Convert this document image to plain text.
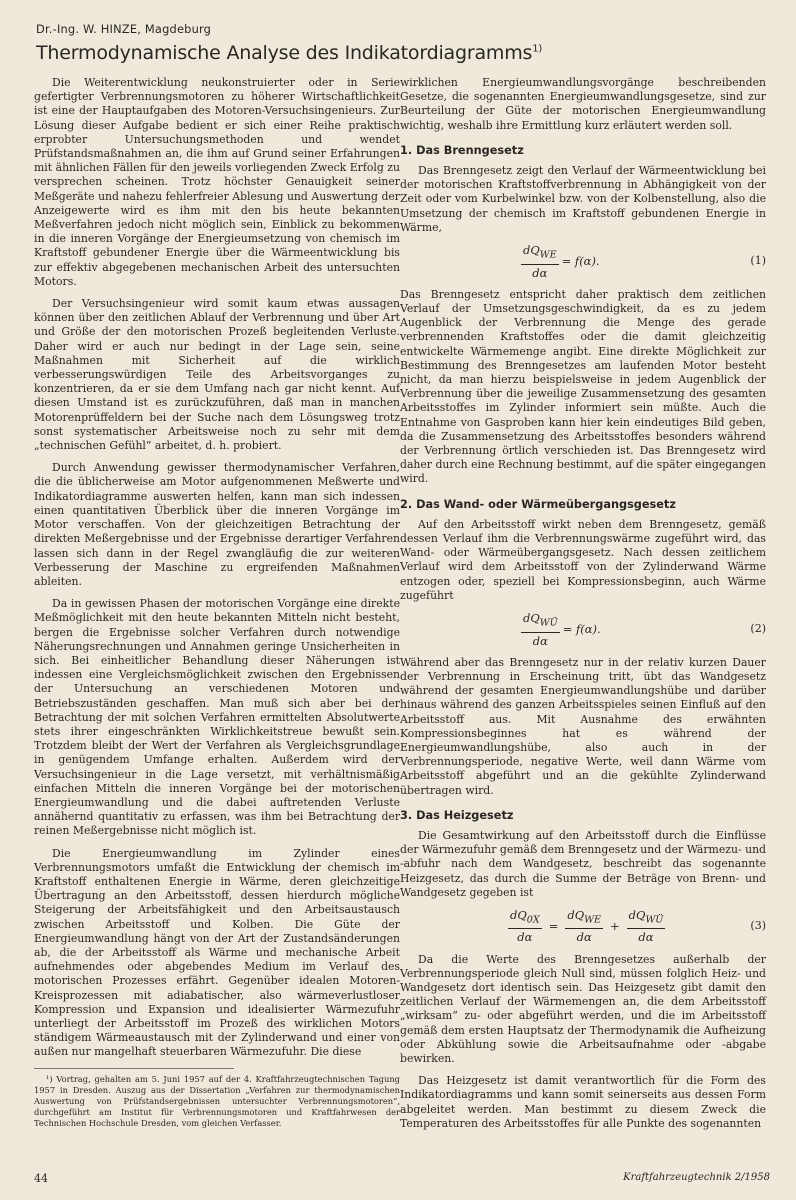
Dr.-Ing. W. HINZE, Magdeburg
Thermodynamische Analyse des Indikatordiagramms$^{1)}$

Die Weiterentwicklung neukonstruierter oder in Serie gefertigter Verbrennungsmotoren zu höherer Wirtschaftlichkeit ist eine der Hauptaufgaben des Motoren-Versuchsingenieurs. Zur Lösung dieser Aufgabe bedient er sich einer Reihe praktisch erprobter Untersuchungsmethoden und wendet Prüfstandsmaßnahmen an, die ihm auf Grund seiner Erfahrungen mit ähnlichen Fällen für den jeweils vorliegenden Zweck Erfolg zu versprechen scheinen. Trotz höchster Genauigkeit seiner Meßgeräte und nahezu fehlerfreier Ablesung und Auswertung der Anzeigewerte wird es ihm mit den bis heute bekannten Meßverfahren jedoch nicht möglich sein, Einblick zu bekommen in die inneren Vorgänge der Energieumsetzung von chemisch im Kraftstoff gebundener Energie über die Wärmeentwicklung bis zur effektiv abgegebenen mechanischen Arbeit des untersuchten Motors.

Der Versuchsingenieur wird somit kaum etwas aussagen können über den zeitlichen Ablauf der Verbrennung und über Art und Größe der den motorischen Prozeß begleitenden Verluste. Daher wird er auch nur bedingt in der Lage sein, seine Maßnahmen mit Sicherheit auf die wirklich verbesserungswürdigen Teile des Arbeitsvorganges zu konzentrieren, da er sie dem Umfang nach gar nicht kennt. Auf diesen Umstand ist es zurückzuführen, daß man in manchen Motorenprüffeldern bei der Suche nach dem Lösungsweg trotz sonst systematischer Arbeitsweise noch zu sehr mit dem „technischen Gefühl“ arbeitet, d. h. probiert.

Durch Anwendung gewisser thermodynamischer Verfahren, die die üblicherweise am Motor aufgenommenen Meßwerte und Indikatordiagramme auswerten helfen, kann man sich indessen einen quantitativen Überblick über die inneren Vorgänge im Motor verschaffen. Von der gleichzeitigen Betrachtung der direkten Meßergebnisse und der Ergebnisse derartiger Verfahren lassen sich dann in der Regel zwangläufig die zur weiteren Verbesserung der Maschine zu ergreifenden Maßnahmen ableiten.

Da in gewissen Phasen der motorischen Vorgänge eine direkte Meßmöglichkeit mit den heute bekannten Mitteln nicht besteht, bergen die Ergebnisse solcher Verfahren durch notwendige Näherungsrechnungen und Annahmen geringe Unsicherheiten in sich. Bei einheitlicher Behandlung dieser Näherungen ist indessen eine Vergleichsmöglichkeit zwischen den Ergebnissen der Untersuchung an verschiedenen Motoren und Betriebszuständen geschaffen. Man muß sich aber bei der Betrachtung der mit solchen Verfahren ermittelten Absolutwerte stets ihrer eingeschränkten Wirklichkeitstreue bewußt sein. Trotzdem bleibt der Wert der Verfahren als Vergleichsgrundlage in genügendem Umfange erhalten. Außerdem wird der Versuchsingenieur in die Lage versetzt, mit verhältnismäßig einfachen Mitteln die inneren Vorgänge bei der motorischen Energieumwandlung und die dabei auftretenden Verluste annähernd quantitativ zu erfassen, was ihm bei Betrachtung der reinen Meßergebnisse nicht möglich ist.

Die Energieumwandlung im Zylinder eines Verbrennungsmotors umfaßt die Entwicklung der chemisch im Kraftstoff enthaltenen Energie in Wärme, deren gleichzeitige Übertragung an den Arbeitsstoff, dessen hierdurch mögliche Steigerung der Arbeitsfähigkeit und den Arbeitsaustausch zwischen Arbeitsstoff und Kolben. Die Güte der Energieumwandlung hängt von der Art der Zustandsänderungen ab, die der Arbeitsstoff als Wärme und mechanische Arbeit aufnehmendes oder abgebendes Medium im Verlauf des motorischen Prozesses erfährt. Gegenüber idealen Motoren-Kreisprozessen mit adiabatischer, also wärmeverlustloser Kompression und Expansion und idealisierter Wärmezufuhr unterliegt der Arbeitsstoff im Prozeß des wirklichen Motors ständigem Wärmeaustausch mit der Zylinderwand und einer von außen nur mangelhaft steuerbaren Wärmezufuhr. Die diese

¹) Vortrag, gehalten am 5. Juni 1957 auf der 4. Kraftfahrzeugtechnischen Tagung 1957 in Dresden. Auszug aus der Dissertation „Verfahren zur thermodynamischen Auswertung von Prüfstandsergebnissen untersuchter Verbrennungsmotoren“, durchgeführt am Institut für Verbrennungsmotoren und Kraftfahrwesen der Technischen Hochschule Dresden, vom gleichen Verfasser.

wirklichen Energieumwandlungsvorgänge beschreibenden Gesetze, die sogenannten Energieumwandlungsgesetze, sind zur Beurteilung der Güte der motorischen Energieumwandlung wichtig, weshalb ihre Ermittlung kurz erläutert werden soll.

1. Das Brenngesetz

Das Brenngesetz zeigt den Verlauf der Wärmeentwicklung bei der motorischen Kraftstoffverbrennung in Abhängigkeit von der Zeit oder vom Kurbelwinkel bzw. von der Kolbenstellung, also die Umsetzung der chemisch im Kraftstoff gebundenen Energie in Wärme,

$\frac{dQ_{WE}}{d\alpha} = f(\alpha)$.	(1)

Das Brenngesetz entspricht daher praktisch dem zeitlichen Verlauf der Umsetzungsgeschwindigkeit, da es zu jedem Augenblick der Verbrennung die Menge des gerade verbrennenden Kraftstoffes oder die damit gleichzeitig entwickelte Wärmemenge angibt. Eine direkte Möglichkeit zur Bestimmung des Brenngesetzes am laufenden Motor besteht nicht, da man hierzu beispielsweise in jedem Augenblick der Verbrennung über die jeweilige Zusammensetzung des gesamten Arbeitsstoffes im Zylinder informiert sein müßte. Auch die Entnahme von Gasproben kann hier kein eindeutiges Bild geben, da die Zusammensetzung des Arbeitsstoffes besonders während der Verbrennung örtlich verschieden ist. Das Brenngesetz wird daher durch eine Rechnung bestimmt, auf die später eingegangen wird.

2. Das Wand- oder Wärmeübergangsgesetz

Auf den Arbeitsstoff wirkt neben dem Brenngesetz, gemäß dessen Verlauf ihm die Verbrennungswärme zugeführt wird, das Wand- oder Wärmeübergangsgesetz. Nach dessen zeitlichem Verlauf wird dem Arbeitsstoff von der Zylinderwand Wärme entzogen oder, speziell bei Kompressionsbeginn, auch Wärme zugeführt

$\frac{dQ_{WÜ}}{d\alpha} = f(\alpha)$.	(2)

Während aber das Brenngesetz nur in der relativ kurzen Dauer der Verbrennung in Erscheinung tritt, übt das Wandgesetz während der gesamten Energieumwandlungshübe und darüber hinaus während des ganzen Arbeitsspieles seinen Einfluß auf den Arbeitsstoff aus. Mit Ausnahme des erwähnten Kompressionsbeginnes hat es während der Energieumwandlungshübe, also auch in der Verbrennungsperiode, negative Werte, weil dann Wärme vom Arbeitsstoff abgeführt und an die gekühlte Zylinderwand übertragen wird.

3. Das Heizgesetz

Die Gesamtwirkung auf den Arbeitsstoff durch die Einflüsse der Wärmezufuhr gemäß dem Brenngesetz und der Wärmezu- und -abfuhr nach dem Wandgesetz, beschreibt das sogenannte Heizgesetz, das durch die Summe der Beträge von Brenn- und Wandgesetz gegeben ist

$\frac{dQ_{0X}}{d\alpha} = \frac{dQ_{WE}}{d\alpha} + \frac{dQ_{WÜ}}{d\alpha}$	(3)

Da die Werte des Brenngesetzes außerhalb der Verbrennungsperiode gleich Null sind, müssen folglich Heiz- und Wandgesetz dort identisch sein. Das Heizgesetz gibt damit den zeitlichen Verlauf der Wärmemengen an, die dem Arbeitsstoff „wirksam“ zu- oder abgeführt werden, und die im Arbeitsstoff gemäß dem ersten Hauptsatz der Thermodynamik die Aufheizung oder Abkühlung sowie die Arbeitsaufnahme oder -abgabe bewirken.

Das Heizgesetz ist damit verantwortlich für die Form des Indikatordiagramms und kann somit seinerseits aus dessen Form abgeleitet werden. Man bestimmt zu diesem Zweck die Temperaturen des Arbeitsstoffes für alle Punkte des sogenannten

44	Kraftfahrzeugtechnik 2/1958
